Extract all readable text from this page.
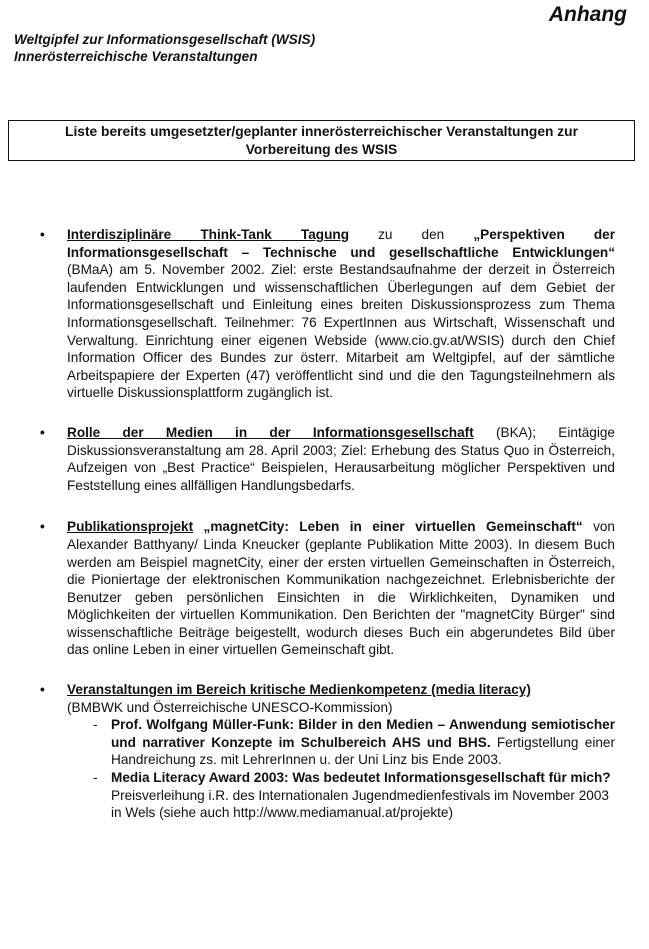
Anhang
Weltgipfel zur Informationsgesellschaft (WSIS)
Innerösterreichische Veranstaltungen
Liste bereits umgesetzter/geplanter innerösterreichischer Veranstaltungen zur
Vorbereitung des WSIS
• Interdisziplinäre Think-Tank Tagung zu den „Perspektiven der Informationsgesellschaft – Technische und gesellschaftliche Entwicklungen“ (BMaA) am 5. November 2002. Ziel: erste Bestandsaufnahme der derzeit in Österreich laufenden Entwicklungen und wissenschaftlichen Überlegungen auf dem Gebiet der Informationsgesellschaft und Einleitung eines breiten Diskussionsprozess zum Thema Informationsgesellschaft. Teilnehmer: 76 ExpertInnen aus Wirtschaft, Wissenschaft und Verwaltung. Einrichtung einer eigenen Webside (www.cio.gv.at/WSIS) durch den Chief Information Officer des Bundes zur österr. Mitarbeit am Weltgipfel, auf der sämtliche Arbeitspapiere der Experten (47) veröffentlicht sind und die den Tagungsteilnehmern als virtuelle Diskussionsplattform zugänglich ist.
• Rolle der Medien in der Informationsgesellschaft (BKA); Eintägige Diskussionsveranstaltung am 28. April 2003; Ziel: Erhebung des Status Quo in Österreich, Aufzeigen von „Best Practice“ Beispielen, Herausarbeitung möglicher Perspektiven und Feststellung eines allfälligen Handlungsbedarfs.
• Publikationsprojekt „magnetCity: Leben in einer virtuellen Gemeinschaft“ von Alexander Batthyany/ Linda Kneucker (geplante Publikation Mitte 2003). In diesem Buch werden am Beispiel magnetCity, einer der ersten virtuellen Gemeinschaften in Österreich, die Pioniertage der elektronischen Kommunikation nachgezeichnet. Erlebnisberichte der Benutzer geben persönlichen Einsichten in die Wirklichkeiten, Dynamiken und Möglichkeiten der virtuellen Kommunikation. Den Berichten der "magnetCity Bürger" sind wissenschaftliche Beiträge beigestellt, wodurch dieses Buch ein abgerundetes Bild über das online Leben in einer virtuellen Gemeinschaft gibt.
• Veranstaltungen im Bereich kritische Medienkompetenz (media literacy)
(BMBWK und Österreichische UNESCO-Kommission)
- Prof. Wolfgang Müller-Funk: Bilder in den Medien – Anwendung semiotischer und narrativer Konzepte im Schulbereich AHS und BHS. Fertigstellung einer Handreichung zs. mit LehrerInnen u. der Uni Linz bis Ende 2003.
- Media Literacy Award 2003: Was bedeutet Informationsgesellschaft für mich? Preisverleihung i.R. des Internationalen Jugendmedienfestivals im November 2003 in Wels (siehe auch http://www.mediamanual.at/projekte)
